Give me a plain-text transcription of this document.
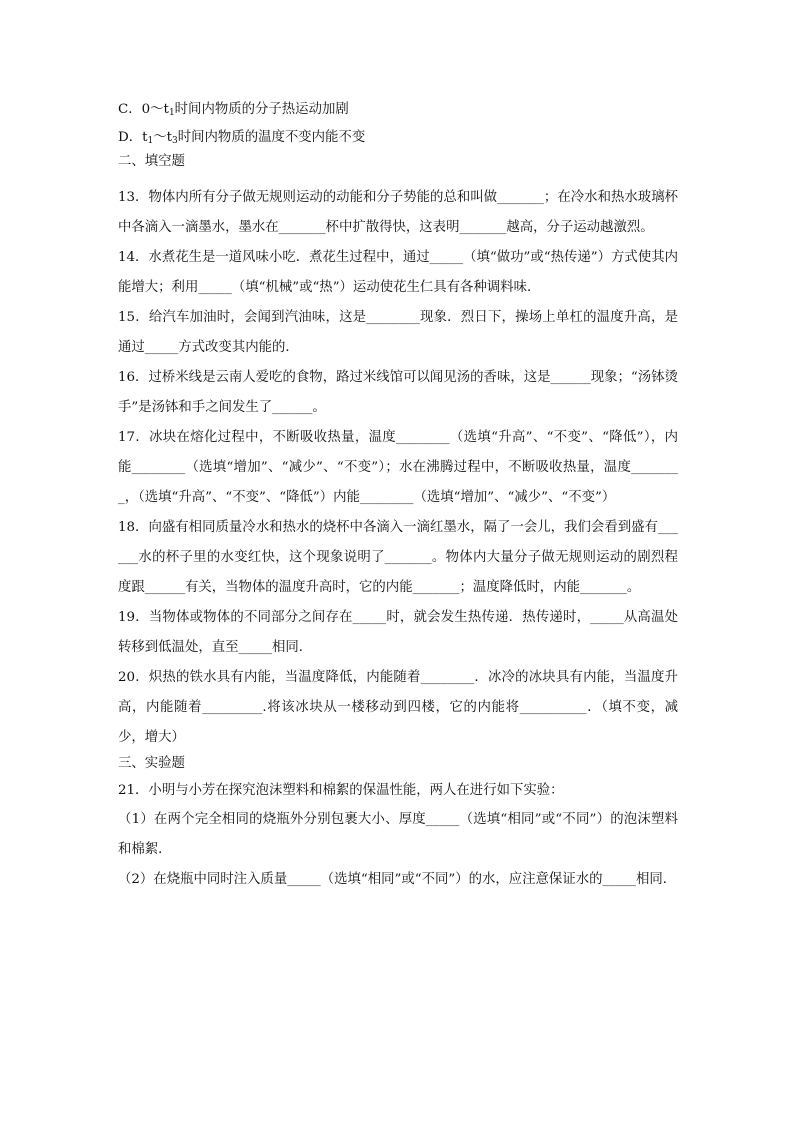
C．$0\sim t_1$时间内物质的分子热运动加剧
D．$t_1\sim t_3$时间内物质的温度不变内能不变
二、填空题
13．物体内所有分子做无规则运动的动能和分子势能的总和叫做_______；在冷水和热水玻璃杯中各滴入一滴墨水，墨水在_______杯中扩散得快，这表明_______越高，分子运动越激烈。
14．水煮花生是一道风味小吃．煮花生过程中，通过_____（填“做功”或“热传递”）方式使其内能增大；利用_____（填“机械”或“热”）运动使花生仁具有各种调料味．
15．给汽车加油时，会闻到汽油味，这是________现象．烈日下，操场上单杠的温度升高，是通过_____方式改变其内能的．
16．过桥米线是云南人爱吃的食物，路过米线馆可以闻见汤的香味，这是______现象；“汤钵烫手”是汤钵和手之间发生了______。
17．冰块在熔化过程中，不断吸收热量，温度________（选填“升高”、“不变”、“降低”），内能________（选填“增加”、“减少”、“不变”）；水在沸腾过程中，不断吸收热量，温度________，（选填“升高”、“不变”、“降低”）内能________（选填“增加”、“减少”、“不变”）
18．向盛有相同质量冷水和热水的烧杯中各滴入一滴红墨水，隔了一会儿，我们会看到盛有______水的杯子里的水变红快，这个现象说明了_______。物体内大量分子做无规则运动的剧烈程度跟______有关，当物体的温度升高时，它的内能_______；温度降低时，内能_______。
19．当物体或物体的不同部分之间存在_____时，就会发生热传递．热传递时，_____从高温处转移到低温处，直至_____相同．
20．炽热的铁水具有内能，当温度降低，内能随着________．冰冷的冰块具有内能，当温度升高，内能随着_________.将该冰块从一楼移动到四楼，它的内能将__________．（填不变，减少，增大）
三、实验题
21．小明与小芳在探究泡沫塑料和棉絮的保温性能，两人在进行如下实验：
（1）在两个完全相同的烧瓶外分别包裹大小、厚度_____（选填“相同”或“不同”）的泡沫塑料和棉絮．
（2）在烧瓶中同时注入质量_____（选填“相同”或“不同”）的水，应注意保证水的_____相同．
